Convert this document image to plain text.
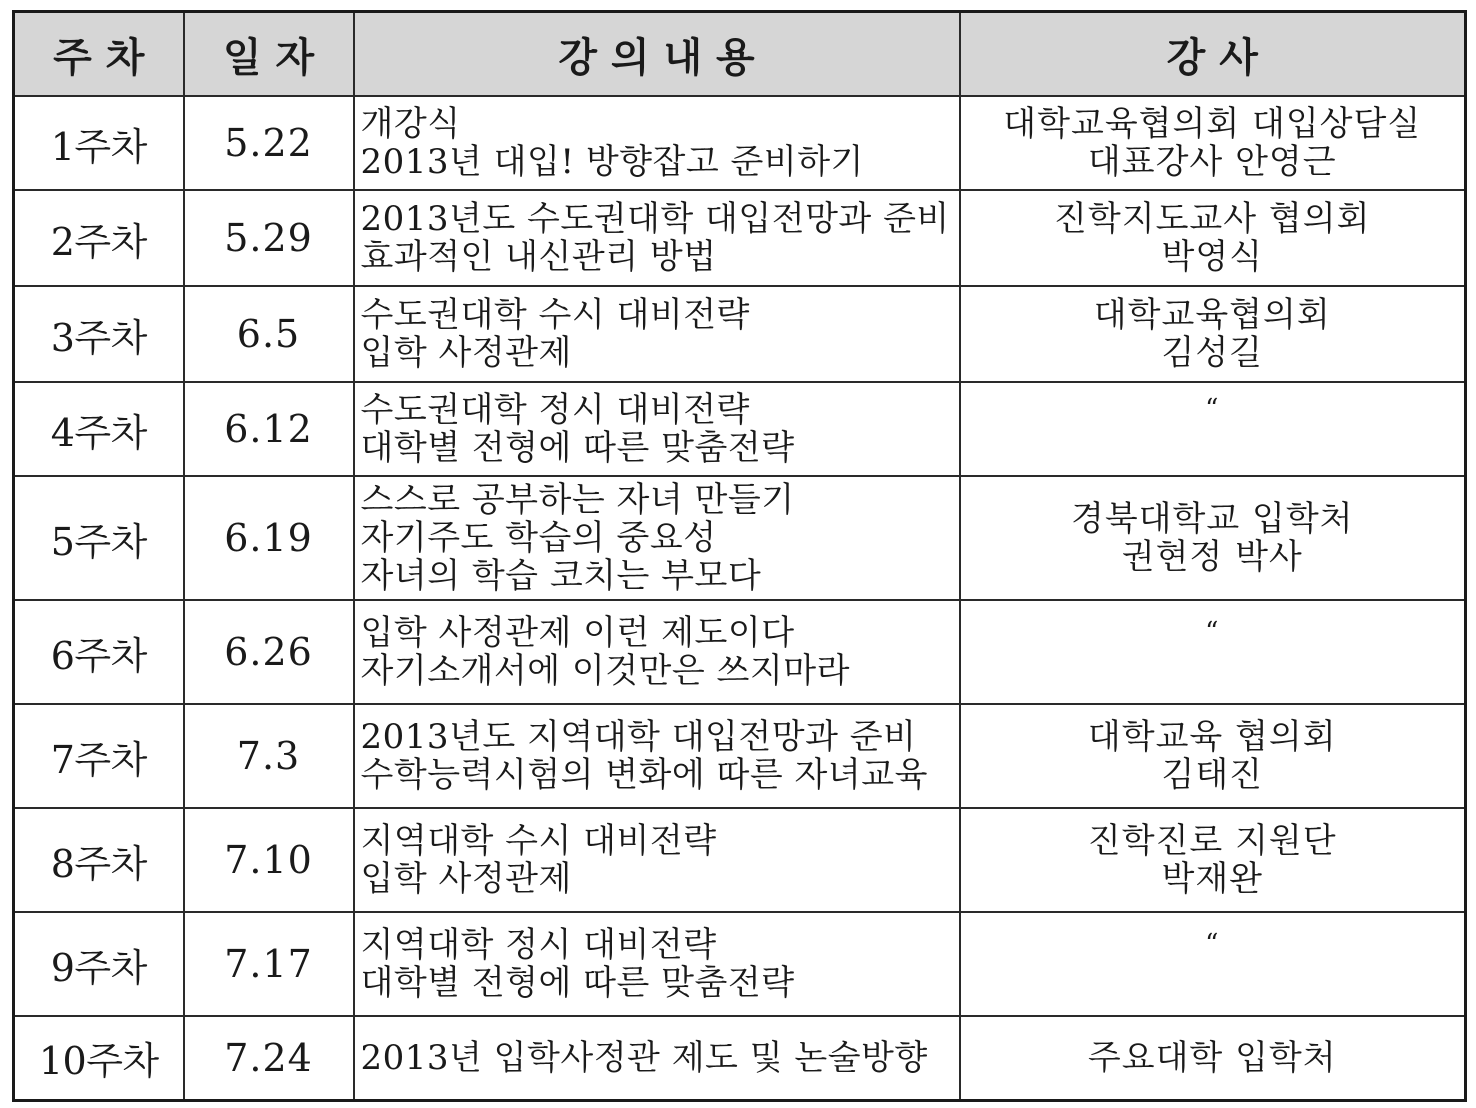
주 차	일 자	강 의 내 용	강 사
1주차	5.22	개강식
2013년 대입! 방향잡고 준비하기	대학교육협의회 대입상담실
대표강사 안영근

2주차	5.29	2013년도 수도권대학 대입전망과 준비
효과적인 내신관리 방법	진학지도교사 협의회
박영식

3주차	6.5	수도권대학 수시 대비전략
입학 사정관제	대학교육협의회
김성길

4주차	6.12	수도권대학 정시 대비전략
대학별 전형에 따른 맞춤전략	“
5주차	6.19	스스로 공부하는 자녀 만들기
자기주도 학습의 중요성
자녀의 학습 코치는 부모다	경북대학교 입학처
권현정 박사

6주차	6.26	입학 사정관제 이런 제도이다
자기소개서에 이것만은 쓰지마라	“
7주차	7.3	2013년도 지역대학 대입전망과 준비
수학능력시험의 변화에 따른 자녀교육	대학교육 협의회
김태진

8주차	7.10	지역대학 수시 대비전략
입학 사정관제	진학진로 지원단
박재완

9주차	7.17	지역대학 정시 대비전략
대학별 전형에 따른 맞춤전략	“
10주차	7.24	2013년 입학사정관 제도 및 논술방향	주요대학 입학처
